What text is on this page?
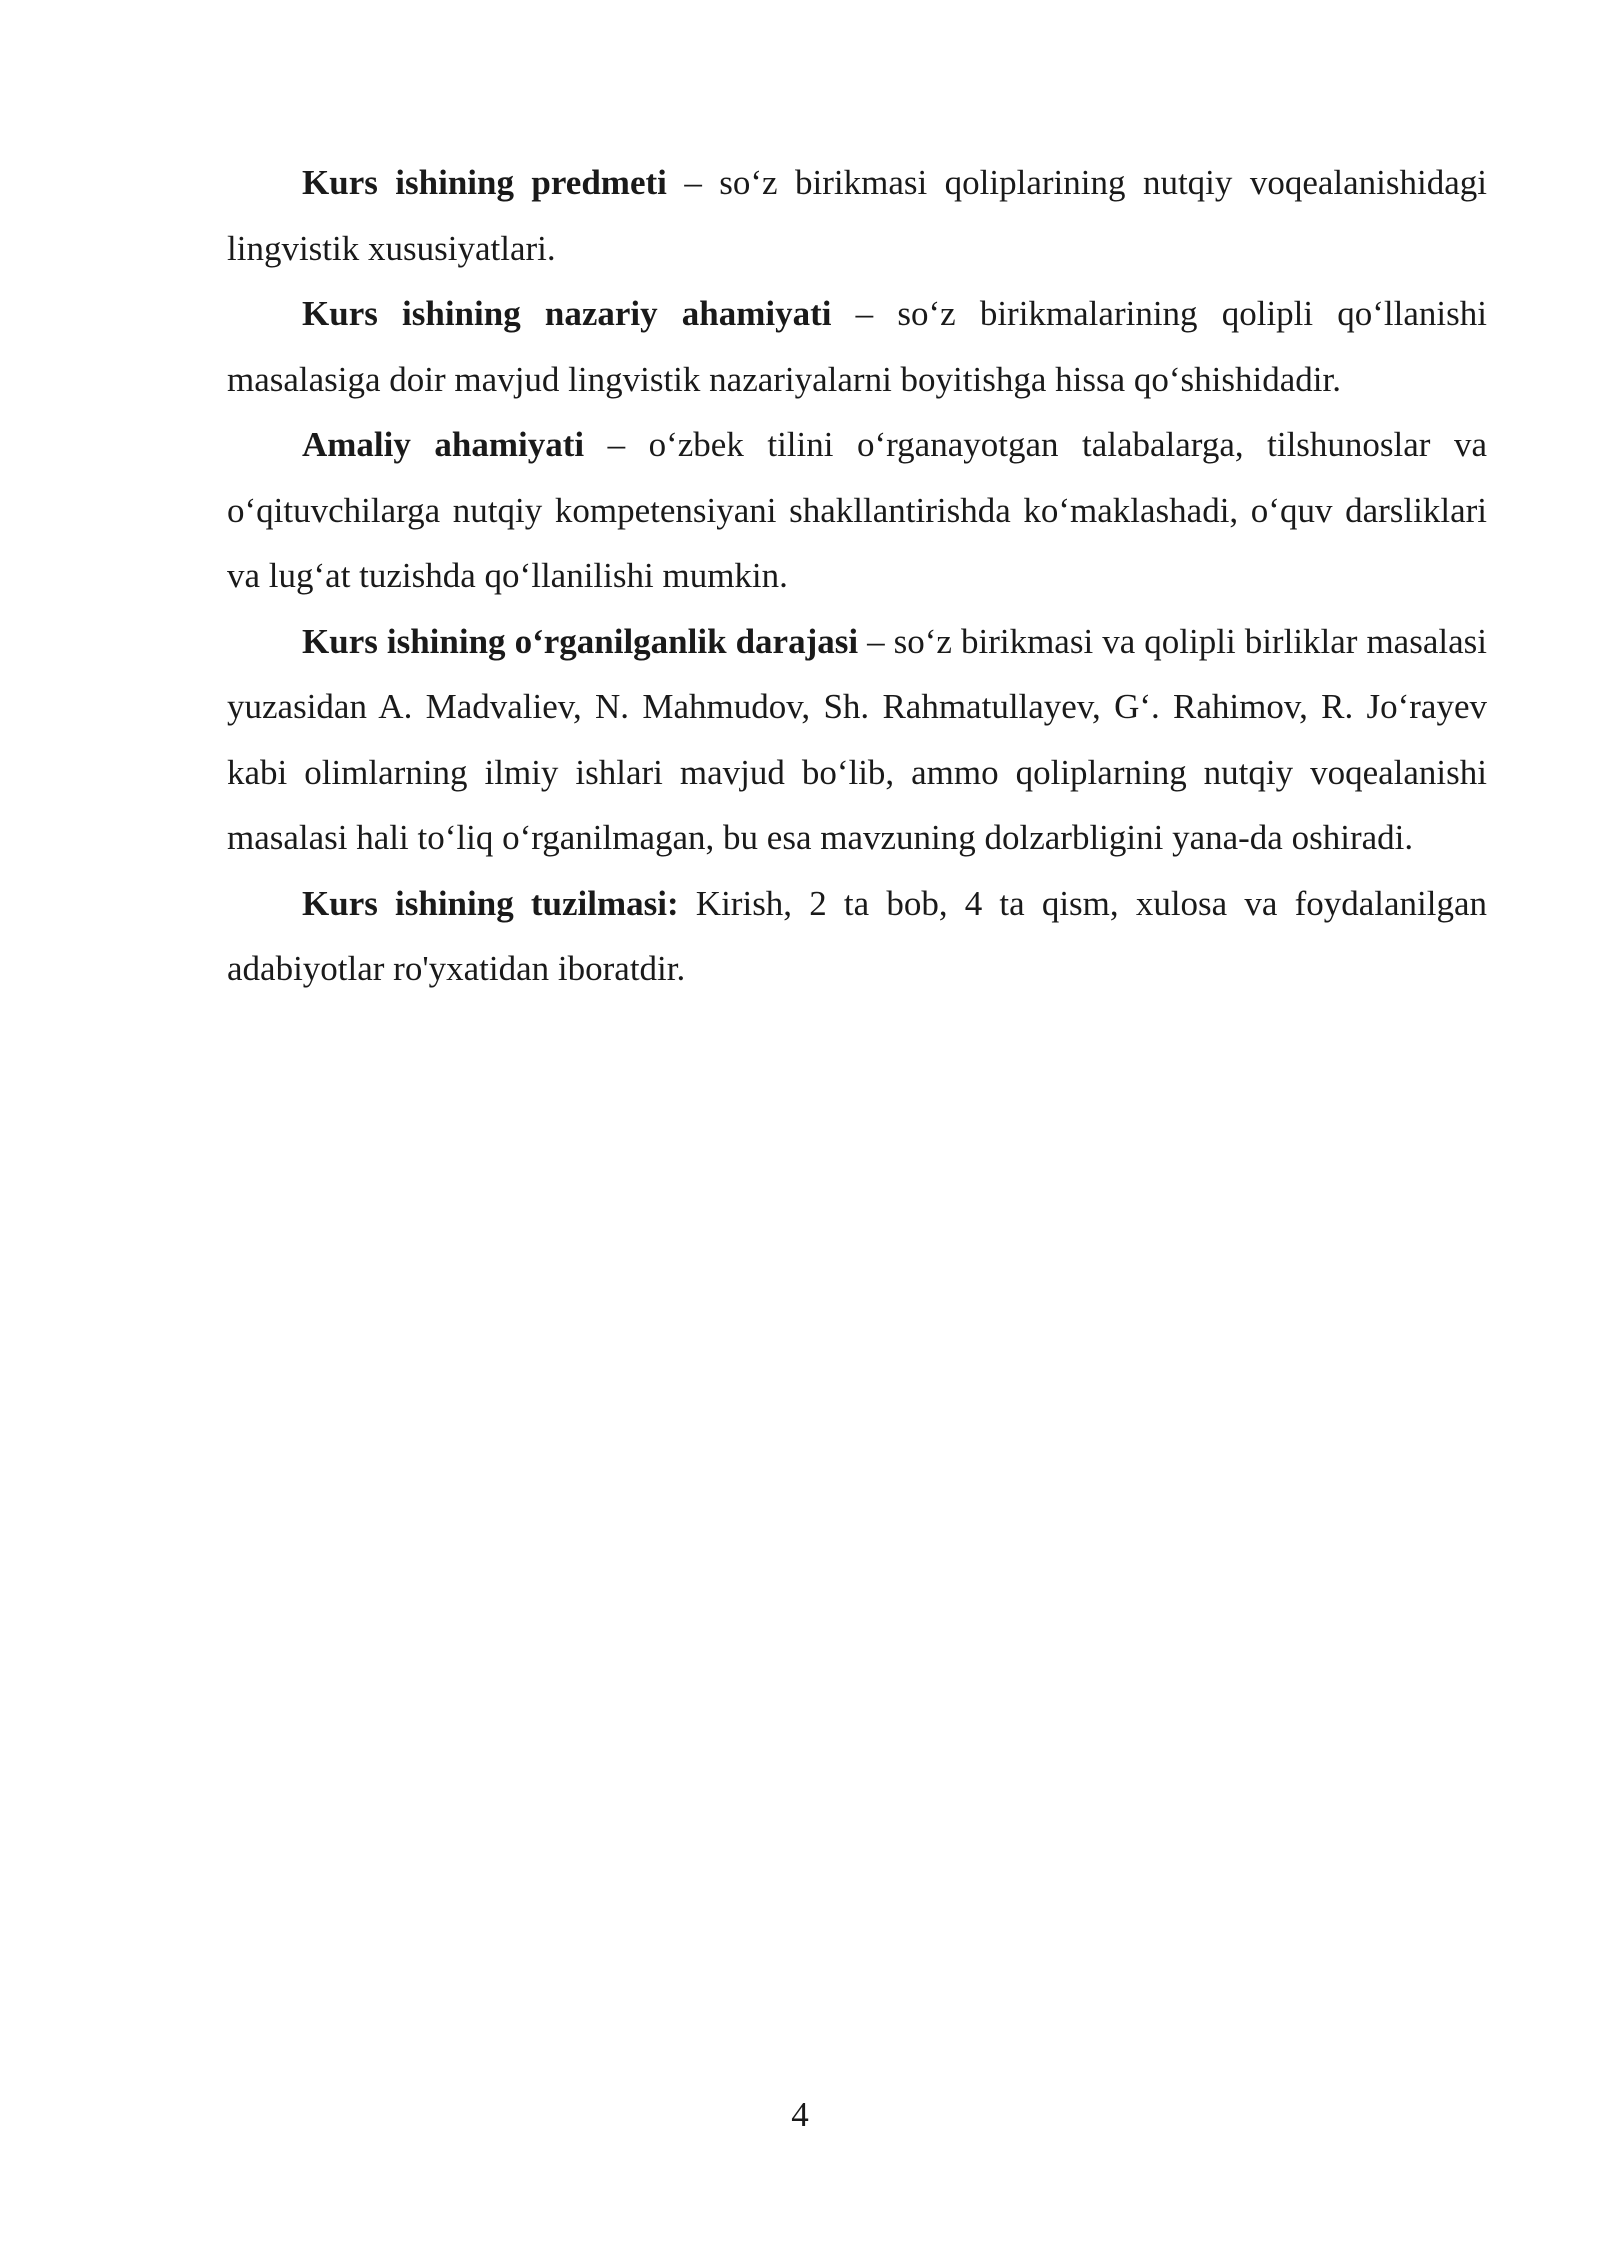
Kurs ishining predmeti – so‘z birikmasi qoliplarining nutqiy voqealanishidagi lingvistik xususiyatlari.

Kurs ishining nazariy ahamiyati – so‘z birikmalarining qolipli qo‘llanishi masalasiga doir mavjud lingvistik nazariyalarni boyitishga hissa qo‘shishidadir.

Amaliy ahamiyati – o‘zbek tilini o‘rganayotgan talabalarga, tilshunoslar va o‘qituvchilarga nutqiy kompetensiyani shakllantirishda ko‘maklashadi, o‘quv darsliklari va lug‘at tuzishda qo‘llanilishi mumkin.

Kurs ishining o‘rganilganlik darajasi – so‘z birikmasi va qolipli birliklar masalasi yuzasidan A. Madvaliev, N. Mahmudov, Sh. Rahmatullayev, G‘. Rahimov, R. Jo‘rayev kabi olimlarning ilmiy ishlari mavjud bo‘lib, ammo qoliplarning nutqiy voqealanishi masalasi hali to‘liq o‘rganilmagan, bu esa mavzuning dolzarbligini yana-da oshiradi.

Kurs ishining tuzilmasi: Kirish, 2 ta bob, 4 ta qism, xulosa va foydalanilgan adabiyotlar ro'yxatidan iboratdir.

4
